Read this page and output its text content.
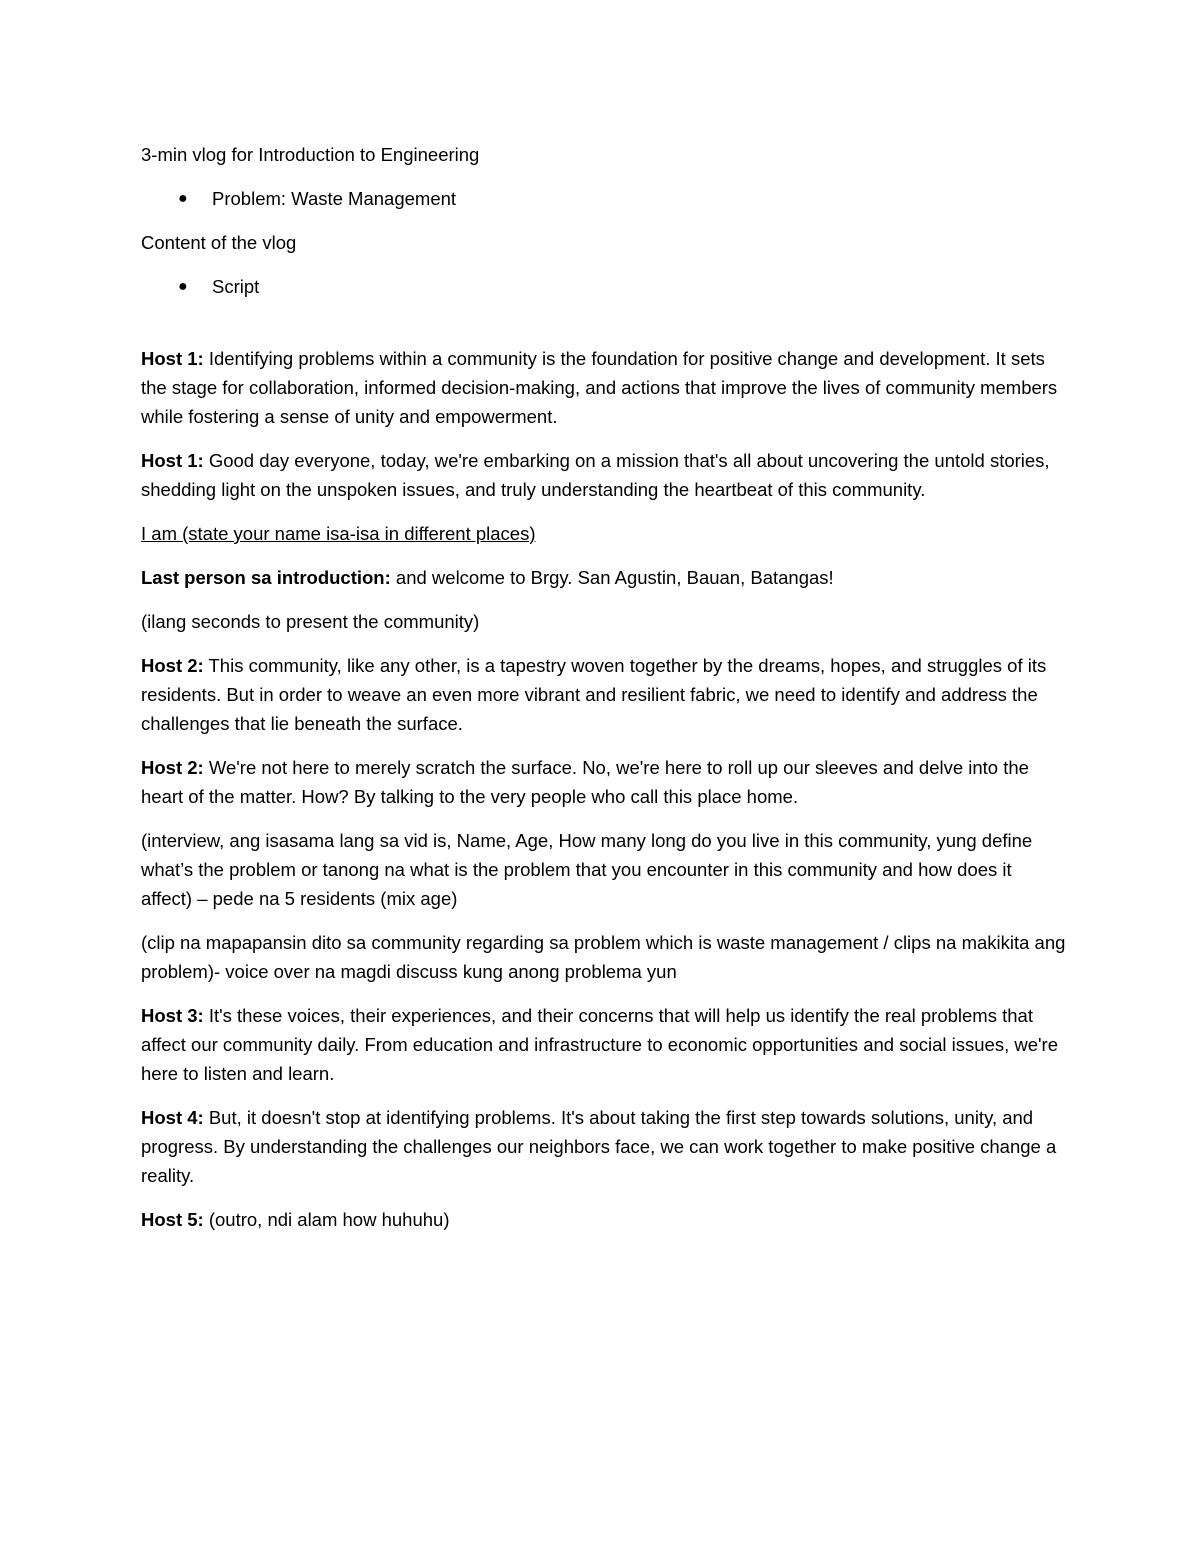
3-min vlog for Introduction to Engineering

● Problem: Waste Management

Content of the vlog

● Script

Host 1: Identifying problems within a community is the foundation for positive change and development. It sets the stage for collaboration, informed decision-making, and actions that improve the lives of community members while fostering a sense of unity and empowerment.

Host 1: Good day everyone, today, we're embarking on a mission that's all about uncovering the untold stories, shedding light on the unspoken issues, and truly understanding the heartbeat of this community.

I am (state your name isa-isa in different places)

Last person sa introduction: and welcome to Brgy. San Agustin, Bauan, Batangas!

(ilang seconds to present the community)

Host 2: This community, like any other, is a tapestry woven together by the dreams, hopes, and struggles of its residents. But in order to weave an even more vibrant and resilient fabric, we need to identify and address the challenges that lie beneath the surface.

Host 2: We're not here to merely scratch the surface. No, we're here to roll up our sleeves and delve into the heart of the matter. How? By talking to the very people who call this place home.

(interview, ang isasama lang sa vid is, Name, Age, How many long do you live in this community, yung define what’s the problem or tanong na what is the problem that you encounter in this community and how does it affect) – pede na 5 residents (mix age)

(clip na mapapansin dito sa community regarding sa problem which is waste management / clips na makikita ang problem)- voice over na magdi discuss kung anong problema yun

Host 3: It's these voices, their experiences, and their concerns that will help us identify the real problems that affect our community daily. From education and infrastructure to economic opportunities and social issues, we're here to listen and learn.

Host 4: But, it doesn't stop at identifying problems. It's about taking the first step towards solutions, unity, and progress. By understanding the challenges our neighbors face, we can work together to make positive change a reality.

Host 5: (outro, ndi alam how huhuhu)
